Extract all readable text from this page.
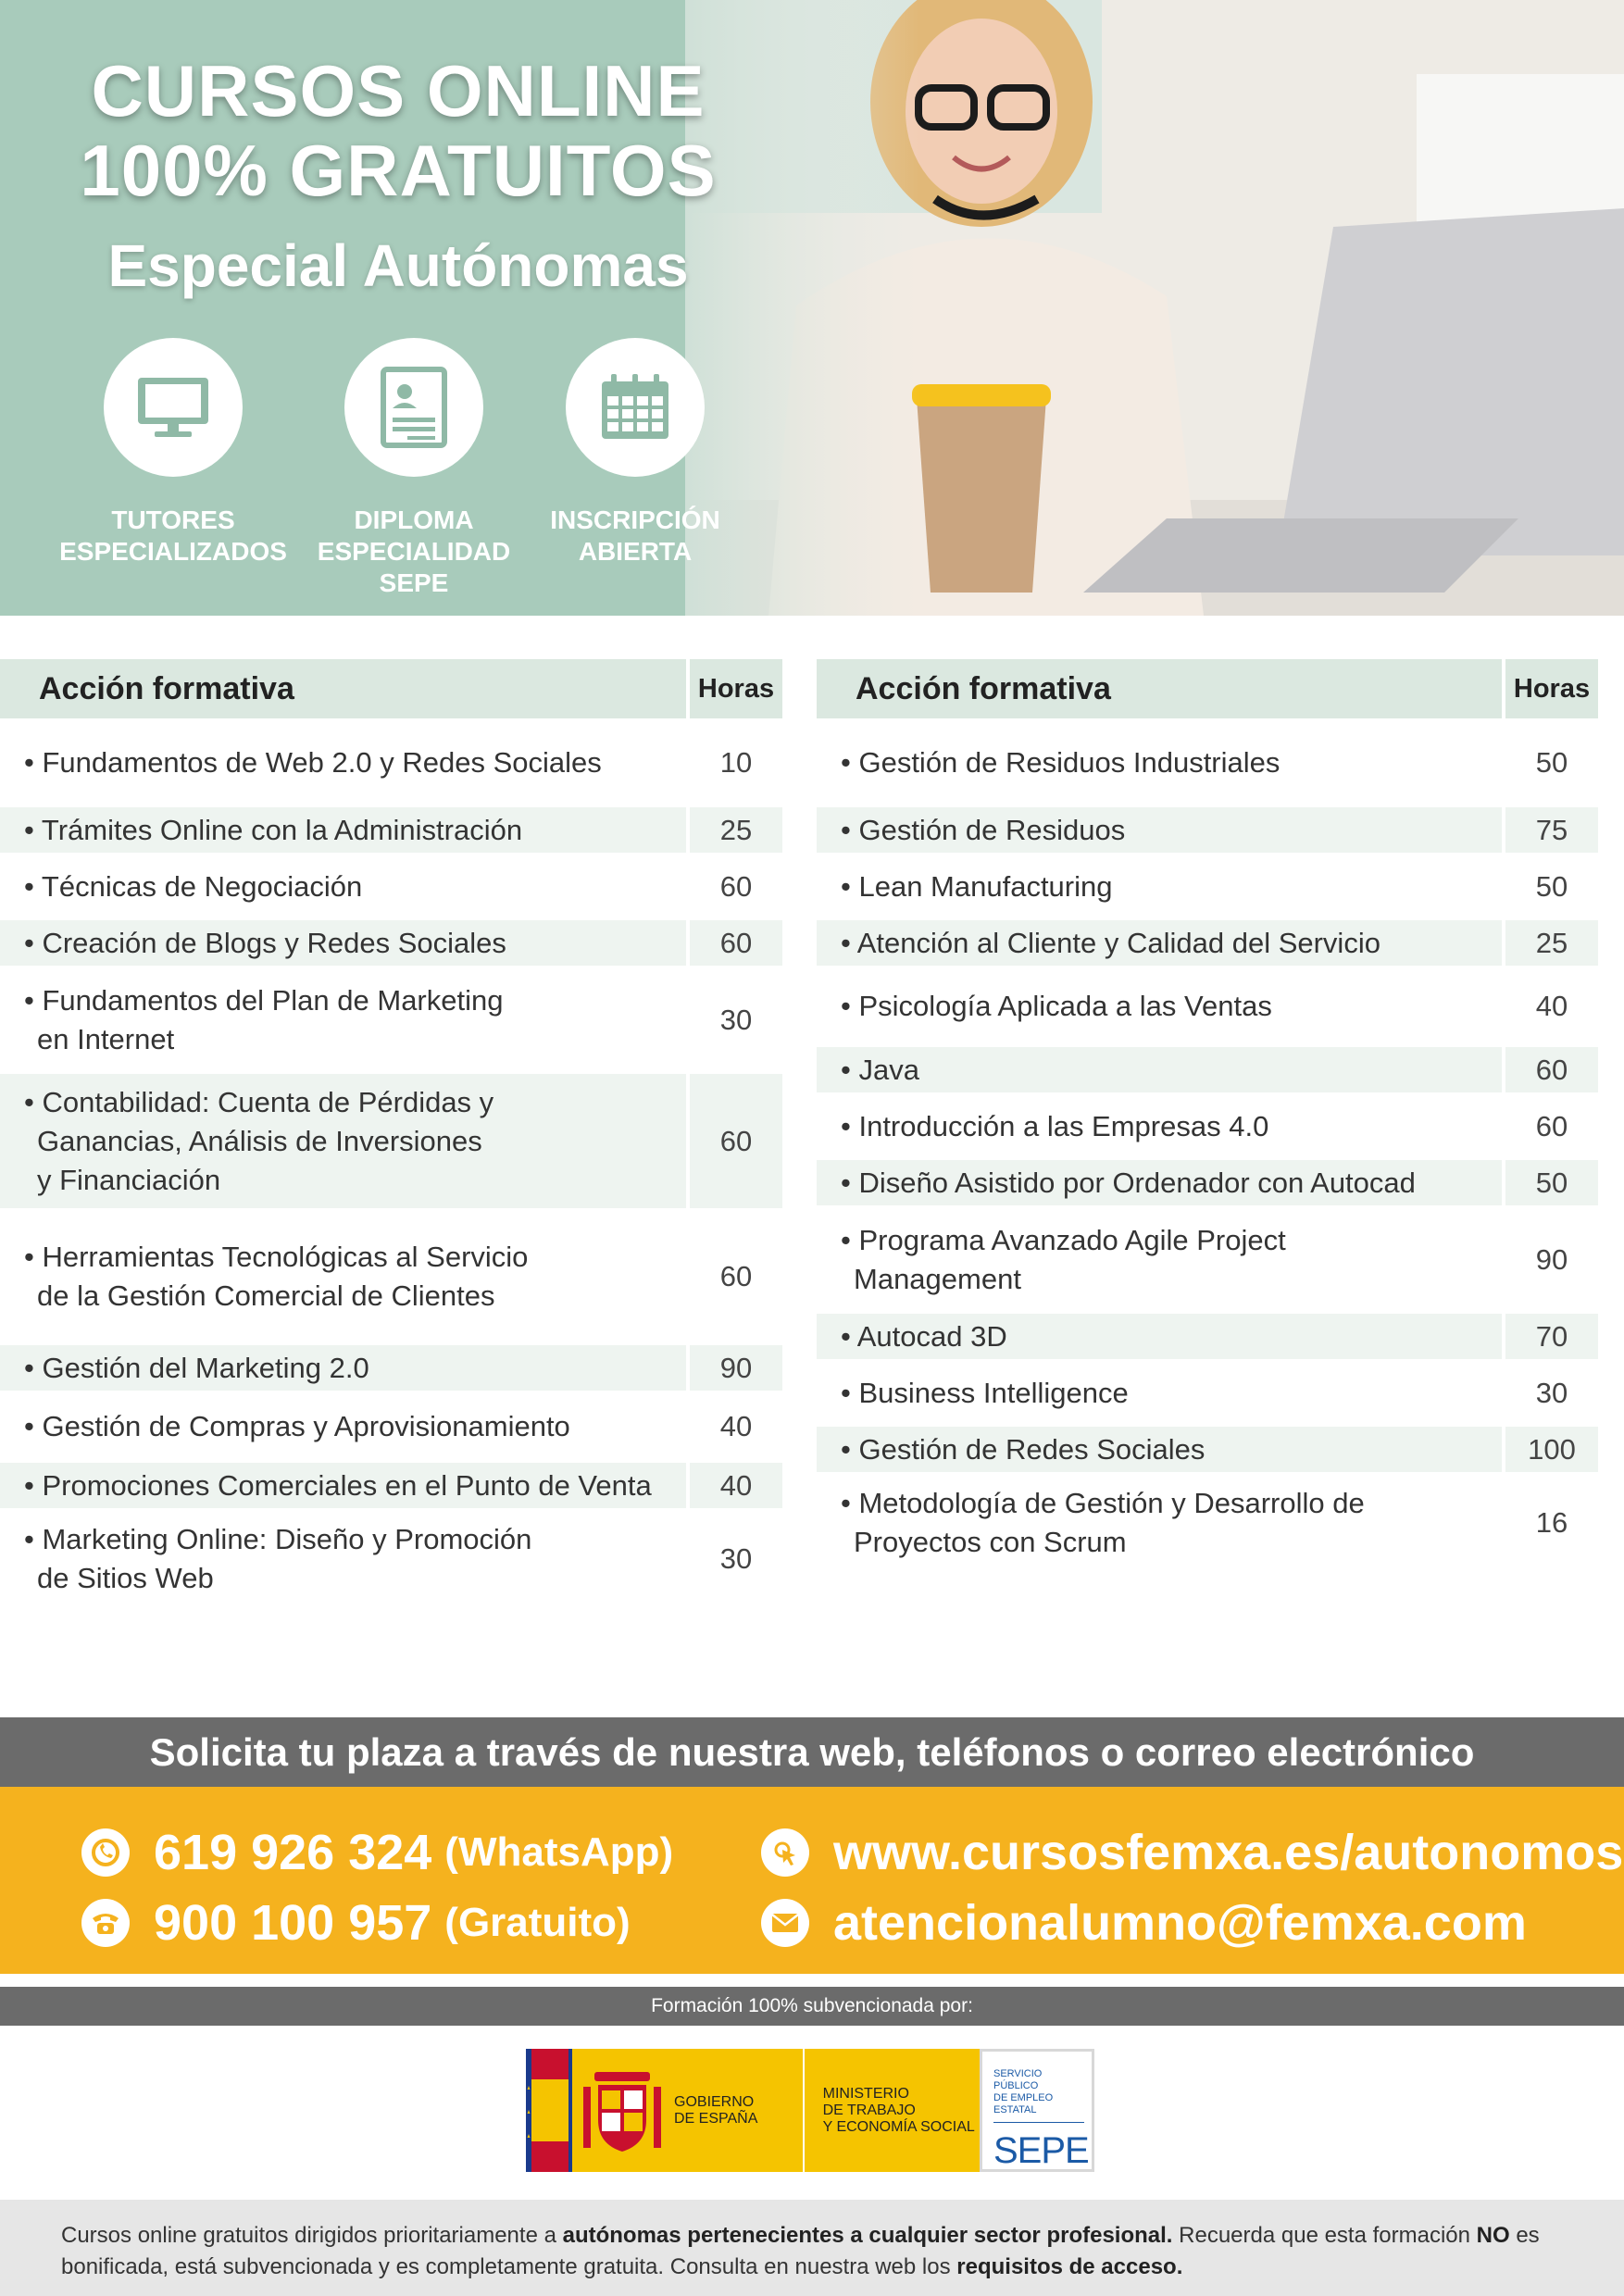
CURSOS ONLINE
100% GRATUITOS
Especial Autónomas
TUTORES
ESPECIALIZADOS
DIPLOMA
ESPECIALIDAD
SEPE
INSCRIPCIÓN
ABIERTA
Acción formativa	Horas
• Fundamentos de Web 2.0 y Redes Sociales	10
• Trámites Online con la Administración	25
• Técnicas de Negociación	60
• Creación de Blogs y Redes Sociales	60
• Fundamentos del Plan de Marketing
en Internet
30
• Contabilidad: Cuenta de Pérdidas y
Ganancias, Análisis de Inversiones
y Financiación
60
• Herramientas Tecnológicas al Servicio
de la Gestión Comercial de Clientes
60
• Gestión del Marketing 2.0	90
• Gestión de Compras y Aprovisionamiento	40
• Promociones Comerciales en el Punto de Venta	40
• Marketing Online: Diseño y Promoción
de Sitios Web
30
Acción formativa	Horas
• Gestión de Residuos Industriales	50
• Gestión de Residuos	75
• Lean Manufacturing	50
• Atención al Cliente y Calidad del Servicio	25
• Psicología Aplicada a las Ventas	40
• Java	60
• Introducción a las Empresas 4.0	60
• Diseño Asistido por Ordenador con Autocad	50
• Programa Avanzado Agile Project
Management
90
• Autocad 3D	70
• Business Intelligence	30
• Gestión de Redes Sociales	100
• Metodología de Gestión y Desarrollo de
Proyectos con Scrum
16
Solicita tu plaza a través de nuestra web, teléfonos o correo electrónico
619 926 324 (WhatsApp)
900 100 957 (Gratuito)
www.cursosfemxa.es/autonomos
atencionalumno@femxa.com
Formación 100% subvencionada por:
GOBIERNO
DE ESPAÑA
MINISTERIO
DE TRABAJO
Y ECONOMÍA SOCIAL
SERVICIO PÚBLICO
DE EMPLEO ESTATAL
SEPE
Cursos online gratuitos dirigidos prioritariamente a autónomas pertenecientes a cualquier sector profesional. Recuerda que esta formación NO es bonificada, está subvencionada y es completamente gratuita. Consulta en nuestra web los requisitos de acceso.
